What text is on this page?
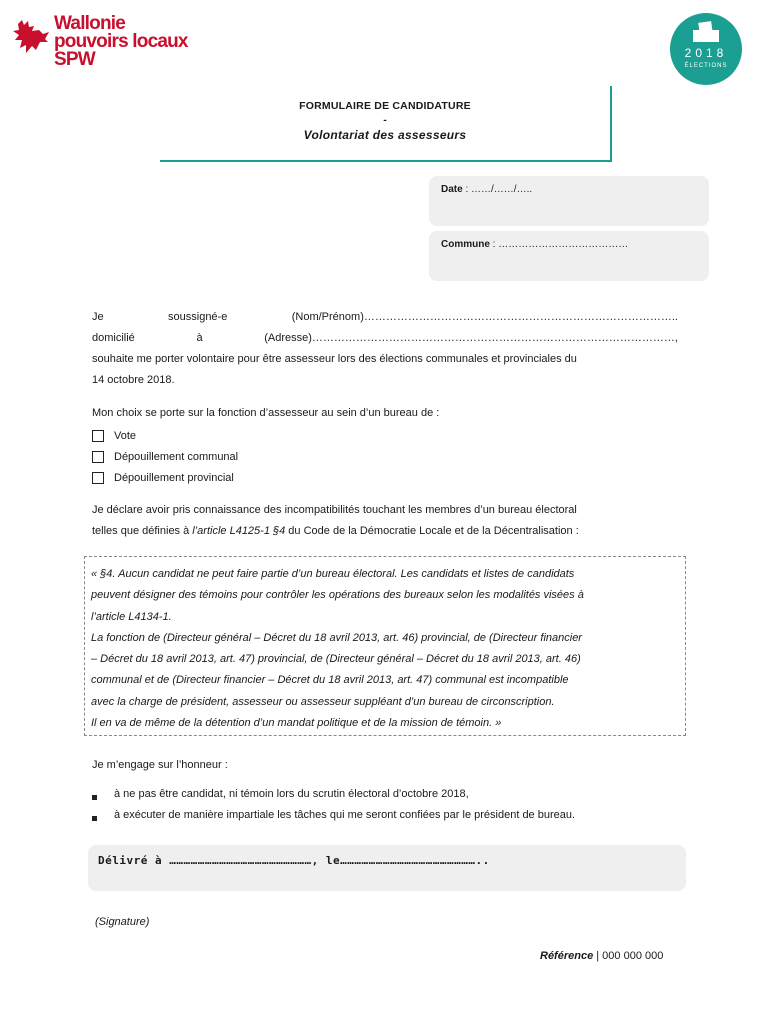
Wallonie
pouvoirs locaux
SPW	2018
ÉLECTIONS
FORMULAIRE DE CANDIDATURE
-
Volontariat des assesseurs
Date : ……/……/…..
Commune : …………………………………
Je	soussigné-e	(Nom/Prénom)…………………………………………………………………………..
domicilié	à	(Adresse)………………………………………………………………………………………,
souhaite me porter volontaire pour être assesseur lors des élections communales et provinciales du
14 octobre 2018.
Mon choix se porte sur la fonction d’assesseur au sein d’un bureau de :
Vote
Dépouillement communal
Dépouillement provincial
Je déclare avoir pris connaissance des incompatibilités touchant les membres d’un bureau électoral
telles que définies à l’article L4125-1 §4 du Code de la Démocratie Locale et de la Décentralisation :
« §4. Aucun candidat ne peut faire partie d’un bureau électoral. Les candidats et listes de candidats
peuvent désigner des témoins pour contrôler les opérations des bureaux selon les modalités visées à
l’article L4134-1.
La fonction de (Directeur général – Décret du 18 avril 2013, art. 46) provincial, de (Directeur financier
– Décret du 18 avril 2013, art. 47) provincial, de (Directeur général – Décret du 18 avril 2013, art. 46)
communal et de (Directeur financier – Décret du 18 avril 2013, art. 47) communal est incompatible
avec la charge de président, assesseur ou assesseur suppléant d’un bureau de circonscription.
Il en va de même de la détention d’un mandat politique et de la mission de témoin. »
Je m’engage sur l’honneur :
à ne pas être candidat, ni témoin lors du scrutin électoral d’octobre 2018,
à exécuter de manière impartiale les tâches qui me seront confiées par le président de bureau.
Délivré à ……………………………………………………, le…………………………………………………..
(Signature)
Référence | 000 000 000
